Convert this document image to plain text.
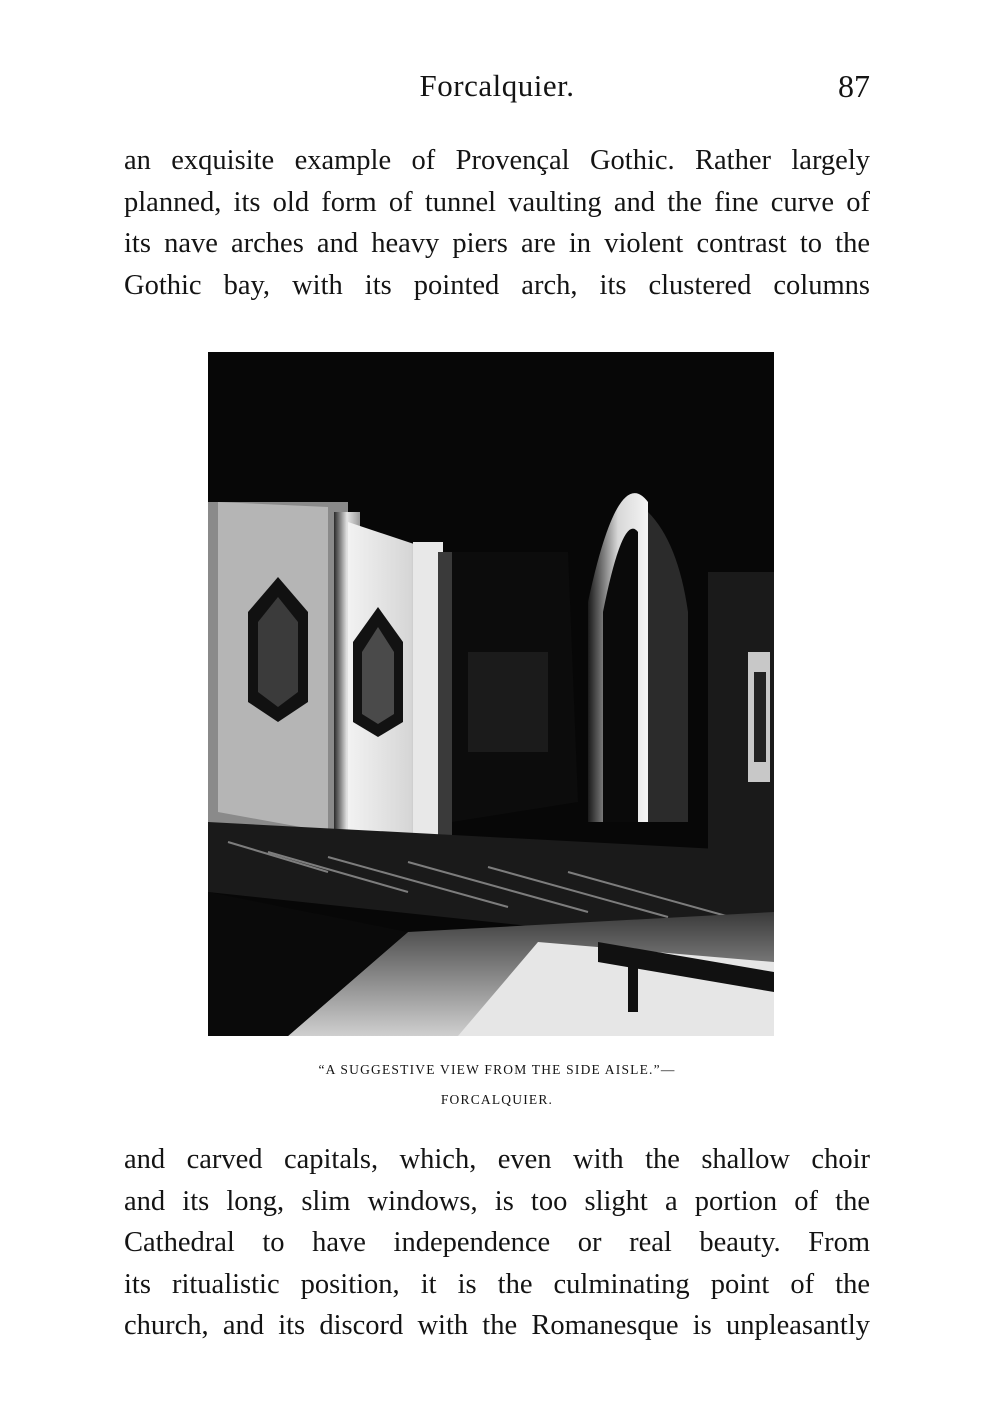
Forcalquier.	87
an exquisite example of Provençal Gothic. Rather largely
planned, its old form of tunnel vaulting and the fine curve of
its nave arches and heavy piers are in violent contrast to the
Gothic bay, with its pointed arch, its clustered columns
“A SUGGESTIVE VIEW FROM THE SIDE AISLE.”—
FORCALQUIER.
and carved capitals, which, even with the shallow choir
and its long, slim windows, is too slight a portion of the
Cathedral to have independence or real beauty. From
its ritualistic position, it is the culminating point of the
church, and its discord with the Romanesque is unpleasantly
